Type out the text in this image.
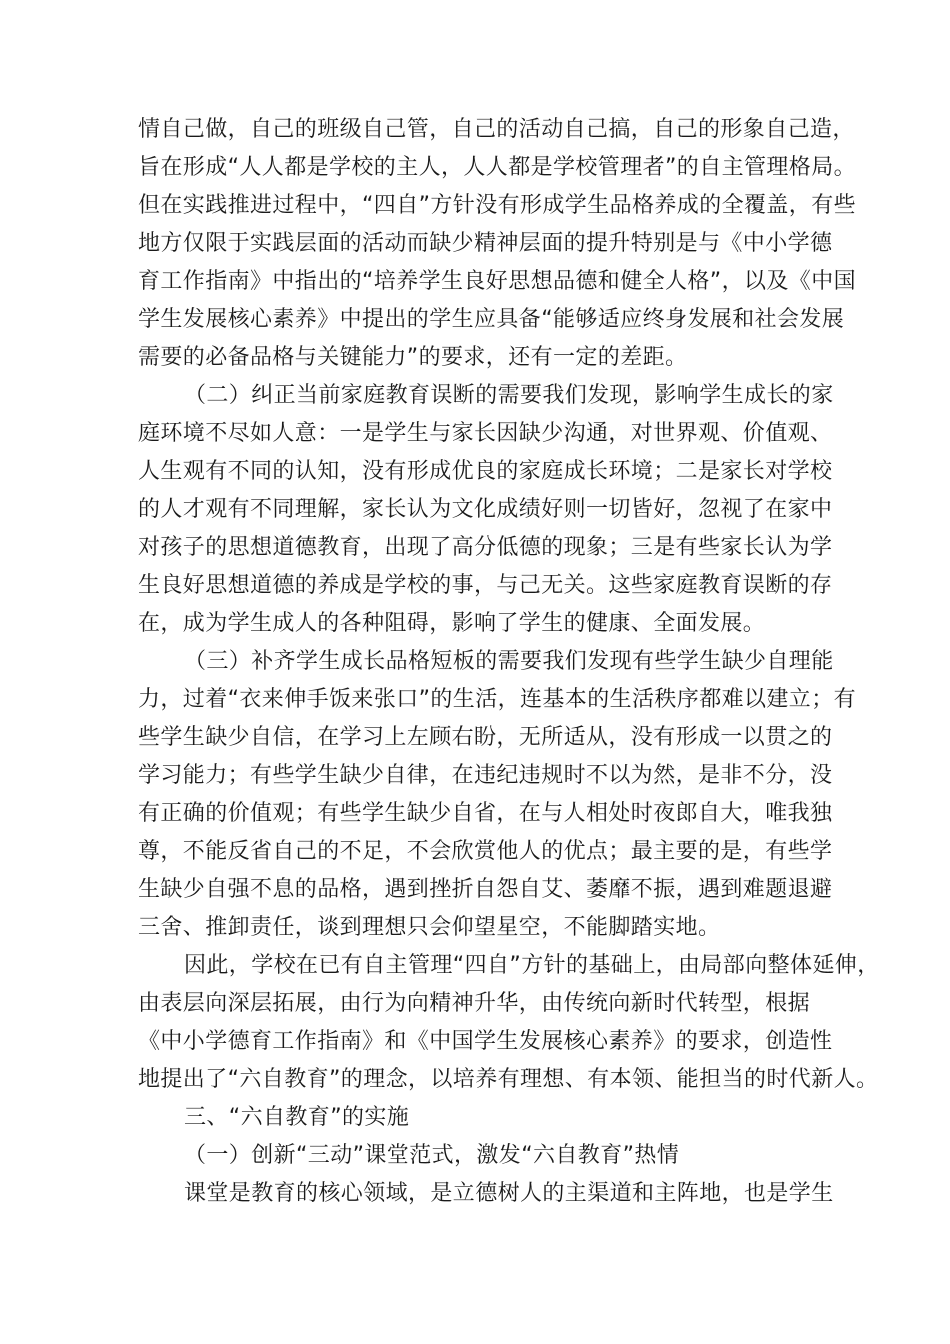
情自己做，自己的班级自己管，自己的活动自己搞，自己的形象自己造，
旨在形成“人人都是学校的主人，人人都是学校管理者”的自主管理格局。
但在实践推进过程中，“四自”方针没有形成学生品格养成的全覆盖，有些
地方仅限于实践层面的活动而缺少精神层面的提升特别是与《中小学德
育工作指南》中指出的“培养学生良好思想品德和健全人格”，以及《中国
学生发展核心素养》中提出的学生应具备“能够适应终身发展和社会发展
需要的必备品格与关键能力”的要求，还有一定的差距。
（二）纠正当前家庭教育误断的需要我们发现，影响学生成长的家
庭环境不尽如人意：一是学生与家长因缺少沟通，对世界观、价值观、
人生观有不同的认知，没有形成优良的家庭成长环境；二是家长对学校
的人才观有不同理解，家长认为文化成绩好则一切皆好，忽视了在家中
对孩子的思想道德教育，出现了高分低德的现象；三是有些家长认为学
生良好思想道德的养成是学校的事，与己无关。这些家庭教育误断的存
在，成为学生成人的各种阻碍，影响了学生的健康、全面发展。
（三）补齐学生成长品格短板的需要我们发现有些学生缺少自理能
力，过着“衣来伸手饭来张口”的生活，连基本的生活秩序都难以建立；有
些学生缺少自信，在学习上左顾右盼，无所适从，没有形成一以贯之的
学习能力；有些学生缺少自律，在违纪违规时不以为然，是非不分，没
有正确的价值观；有些学生缺少自省，在与人相处时夜郎自大，唯我独
尊，不能反省自己的不足，不会欣赏他人的优点；最主要的是，有些学
生缺少自强不息的品格，遇到挫折自怨自艾、萎靡不振，遇到难题退避
三舍、推卸责任，谈到理想只会仰望星空，不能脚踏实地。
因此，学校在已有自主管理“四自”方针的基础上，由局部向整体延伸，
由表层向深层拓展，由行为向精神升华，由传统向新时代转型，根据
《中小学德育工作指南》和《中国学生发展核心素养》的要求，创造性
地提出了“六自教育”的理念，以培养有理想、有本领、能担当的时代新人。
三、“六自教育”的实施
（一）创新“三动”课堂范式，激发“六自教育”热情
课堂是教育的核心领域，是立德树人的主渠道和主阵地，也是学生
